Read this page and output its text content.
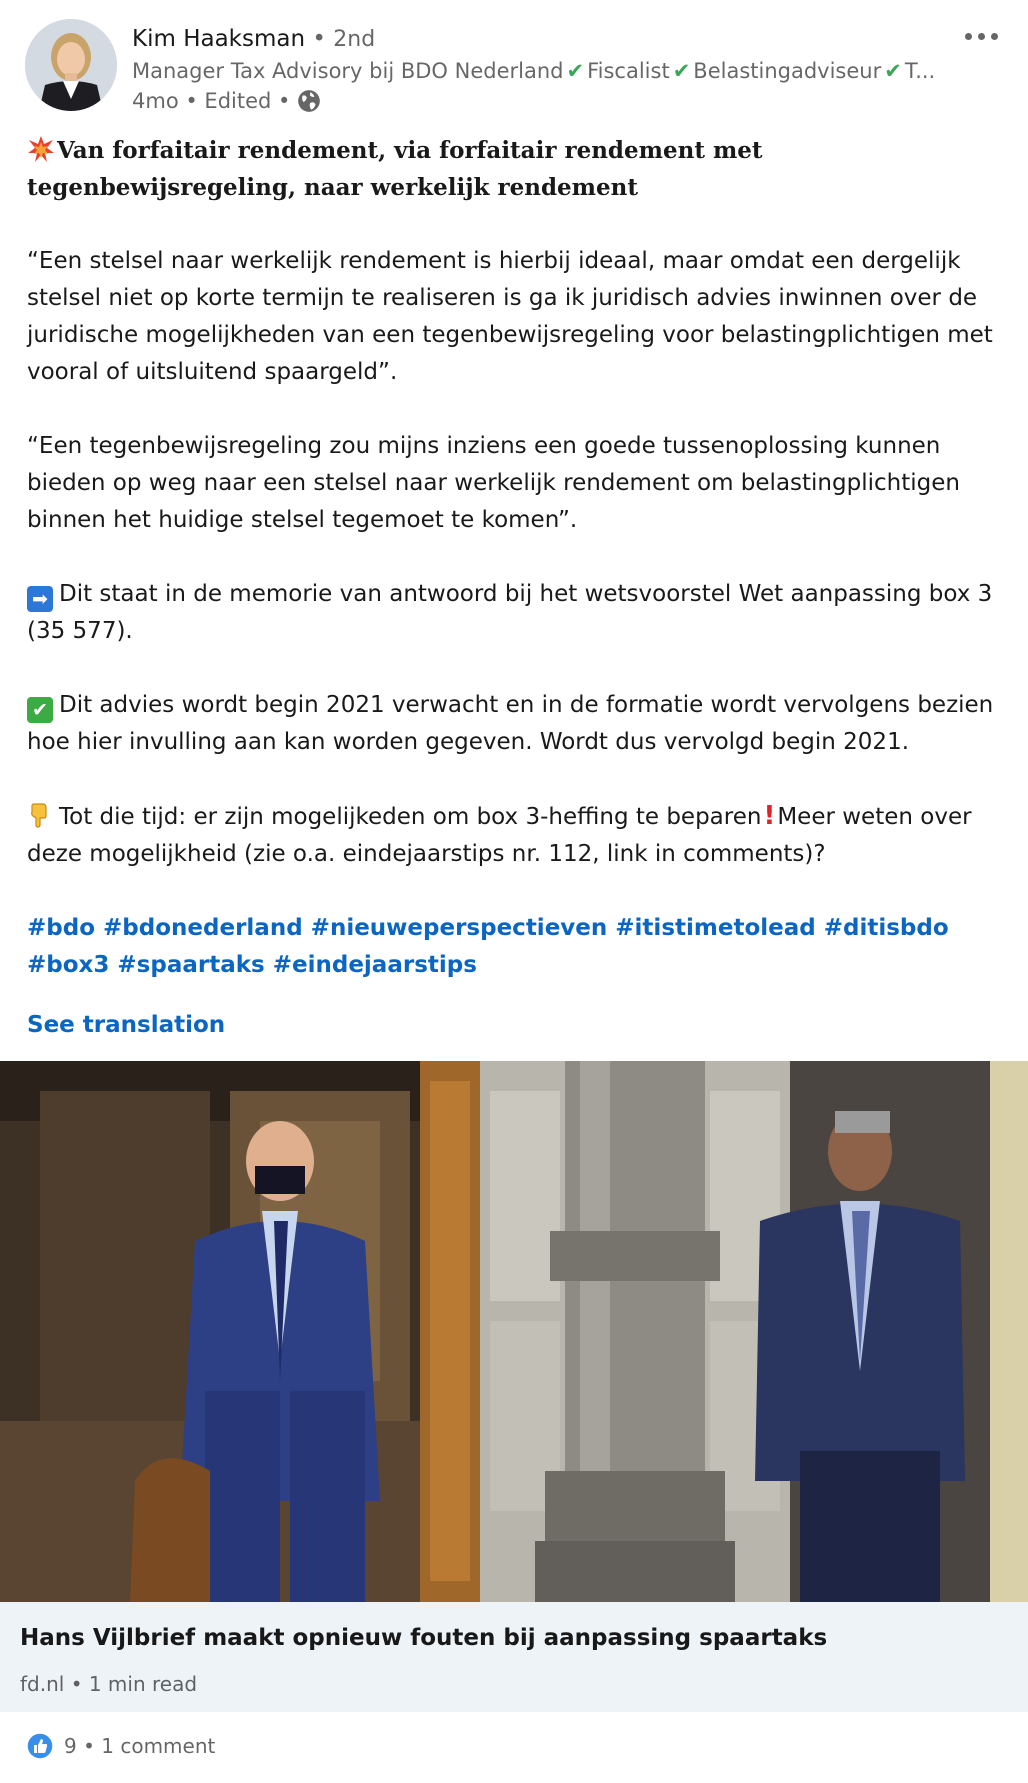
Kim Haaksman • 2nd
Manager Tax Advisory bij BDO Nederland ✔ Fiscalist ✔ Belastingadviseur ✔ T...
4mo • Edited •
Van forfaitair rendement, via forfaitair rendement met tegenbewijsregeling, naar werkelijk rendement

“Een stelsel naar werkelijk rendement is hierbij ideaal, maar omdat een dergelijk stelsel niet op korte termijn te realiseren is ga ik juridisch advies inwinnen over de juridische mogelijkheden van een tegenbewijsregeling voor belastingplichtigen met vooral of uitsluitend spaargeld”.

“Een tegenbewijsregeling zou mijns inziens een goede tussenoplossing kunnen bieden op weg naar een stelsel naar werkelijk rendement om belastingplichtigen binnen het huidige stelsel tegemoet te komen”.

➡ Dit staat in de memorie van antwoord bij het wetsvoorstel Wet aanpassing box 3 (35 577).

✔ Dit advies wordt begin 2021 verwacht en in de formatie wordt vervolgens bezien hoe hier invulling aan kan worden gegeven. Wordt dus vervolgd begin 2021.

Tot die tijd: er zijn mogelijkeden om box 3-heffing te beparen!Meer weten over deze mogelijkheid (zie o.a. eindejaarstips nr. 112, link in comments)?

#bdo #bdonederland #nieuweperspectieven #itistimetolead #ditisbdo #box3 #spaartaks #eindejaarstips
See translation
Hans Vijlbrief maakt opnieuw fouten bij aanpassing spaartaks
fd.nl • 1 min read
9 • 1 comment
